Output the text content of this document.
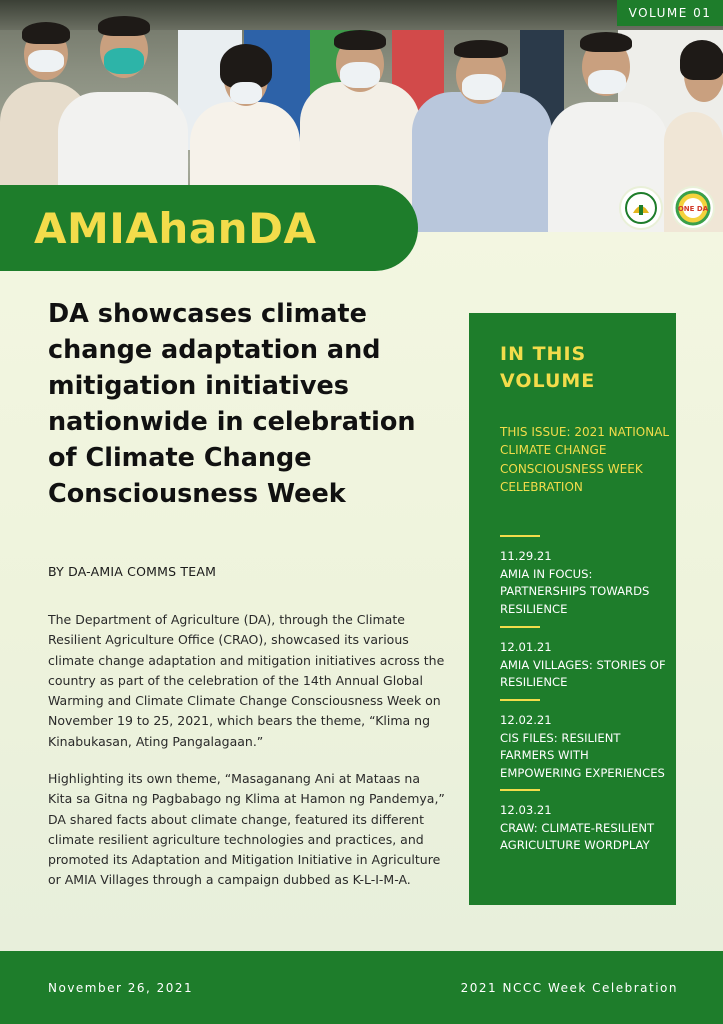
VOLUME 01
ONE DA
AMIAhanDA
DA showcases climate change adaptation and mitigation initiatives nationwide in celebration of Climate Change Consciousness Week
BY DA-AMIA COMMS TEAM

The Department of Agriculture (DA), through the Climate Resilient Agriculture Office (CRAO), showcased its various climate change adaptation and mitigation initiatives across the country as part of the celebration of the 14th Annual Global Warming and Climate Climate Change Consciousness Week on November 19 to 25, 2021, which bears the theme, “Klima ng Kinabukasan, Ating Pangalagaan.”

Highlighting its own theme, “Masaganang Ani at Mataas na Kita sa Gitna ng Pagbabago ng Klima at Hamon ng Pandemya,” DA shared facts about climate change, featured its different climate resilient agriculture technologies and practices, and promoted its Adaptation and Mitigation Initiative in Agriculture or AMIA Villages through a campaign dubbed as K-L-I-M-A.

IN THIS VOLUME
THIS ISSUE: 2021 NATIONAL CLIMATE CHANGE CONSCIOUSNESS WEEK CELEBRATION
11.29.21
AMIA IN FOCUS: PARTNERSHIPS TOWARDS RESILIENCE
12.01.21
AMIA VILLAGES: STORIES OF RESILIENCE
12.02.21
CIS FILES: RESILIENT FARMERS WITH EMPOWERING EXPERIENCES
12.03.21
CRAW: CLIMATE-RESILIENT AGRICULTURE WORDPLAY
November 26, 2021	2021 NCCC Week Celebration
